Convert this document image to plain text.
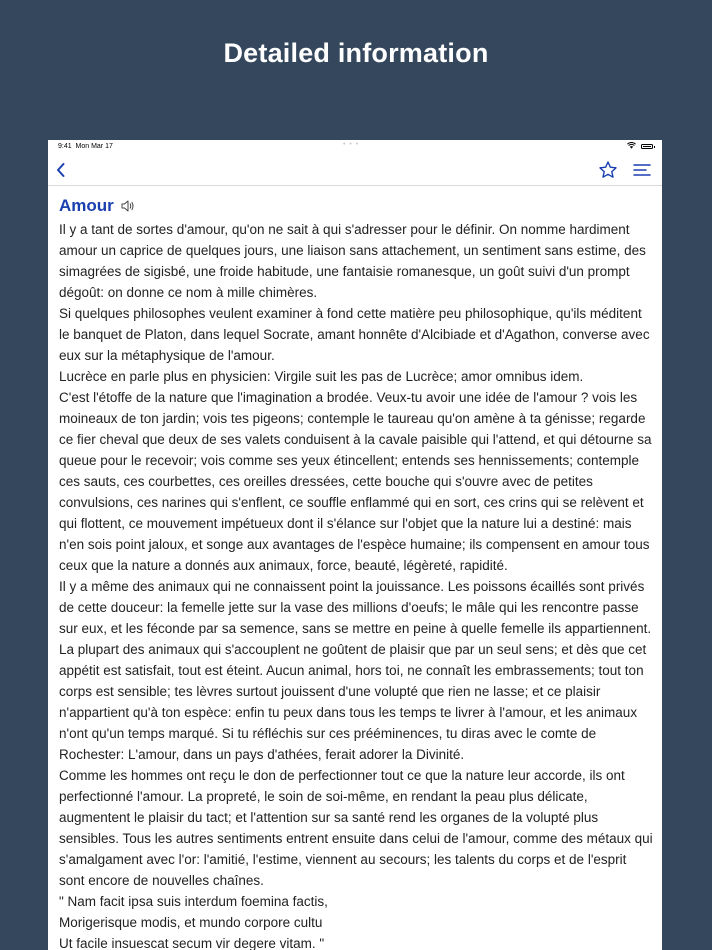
Detailed information
9:41 Mon Mar 17	• • •
Amour

Il y a tant de sortes d'amour, qu'on ne sait à qui s'adresser pour le définir. On nomme hardiment amour un caprice de quelques jours, une liaison sans attachement, un sentiment sans estime, des simagrées de sigisbé, une froide habitude, une fantaisie romanesque, un goût suivi d'un prompt dégoût: on donne ce nom à mille chimères.

Si quelques philosophes veulent examiner à fond cette matière peu philosophique, qu'ils méditent le banquet de Platon, dans lequel Socrate, amant honnête d'Alcibiade et d'Agathon, converse avec eux sur la métaphysique de l'amour.

Lucrèce en parle plus en physicien: Virgile suit les pas de Lucrèce; amor omnibus idem.

C'est l'étoffe de la nature que l'imagination a brodée. Veux-tu avoir une idée de l'amour ? vois les moineaux de ton jardin; vois tes pigeons; contemple le taureau qu'on amène à ta génisse; regarde ce fier cheval que deux de ses valets conduisent à la cavale paisible qui l'attend, et qui détourne sa queue pour le recevoir; vois comme ses yeux étincellent; entends ses hennissements; contemple ces sauts, ces courbettes, ces oreilles dressées, cette bouche qui s'ouvre avec de petites convulsions, ces narines qui s'enflent, ce souffle enflammé qui en sort, ces crins qui se relèvent et qui flottent, ce mouvement impétueux dont il s'élance sur l'objet que la nature lui a destiné: mais n'en sois point jaloux, et songe aux avantages de l'espèce humaine; ils compensent en amour tous ceux que la nature a donnés aux animaux, force, beauté, légèreté, rapidité.

Il y a même des animaux qui ne connaissent point la jouissance. Les poissons écaillés sont privés de cette douceur: la femelle jette sur la vase des millions d'oeufs; le mâle qui les rencontre passe sur eux, et les féconde par sa semence, sans se mettre en peine à quelle femelle ils appartiennent.

La plupart des animaux qui s'accouplent ne goûtent de plaisir que par un seul sens; et dès que cet appétit est satisfait, tout est éteint. Aucun animal, hors toi, ne connaît les embrassements; tout ton corps est sensible; tes lèvres surtout jouissent d'une volupté que rien ne lasse; et ce plaisir n'appartient qu'à ton espèce: enfin tu peux dans tous les temps te livrer à l'amour, et les animaux n'ont qu'un temps marqué. Si tu réfléchis sur ces prééminences, tu diras avec le comte de Rochester: L'amour, dans un pays d'athées, ferait adorer la Divinité.

Comme les hommes ont reçu le don de perfectionner tout ce que la nature leur accorde, ils ont perfectionné l'amour. La propreté, le soin de soi-même, en rendant la peau plus délicate, augmentent le plaisir du tact; et l'attention sur sa santé rend les organes de la volupté plus sensibles. Tous les autres sentiments entrent ensuite dans celui de l'amour, comme des métaux qui s'amalgament avec l'or: l'amitié, l'estime, viennent au secours; les talents du corps et de l'esprit sont encore de nouvelles chaînes.

" Nam facit ipsa suis interdum foemina factis,

Morigerisque modis, et mundo corpore cultu

Ut facile insuescat secum vir degere vitam. "
